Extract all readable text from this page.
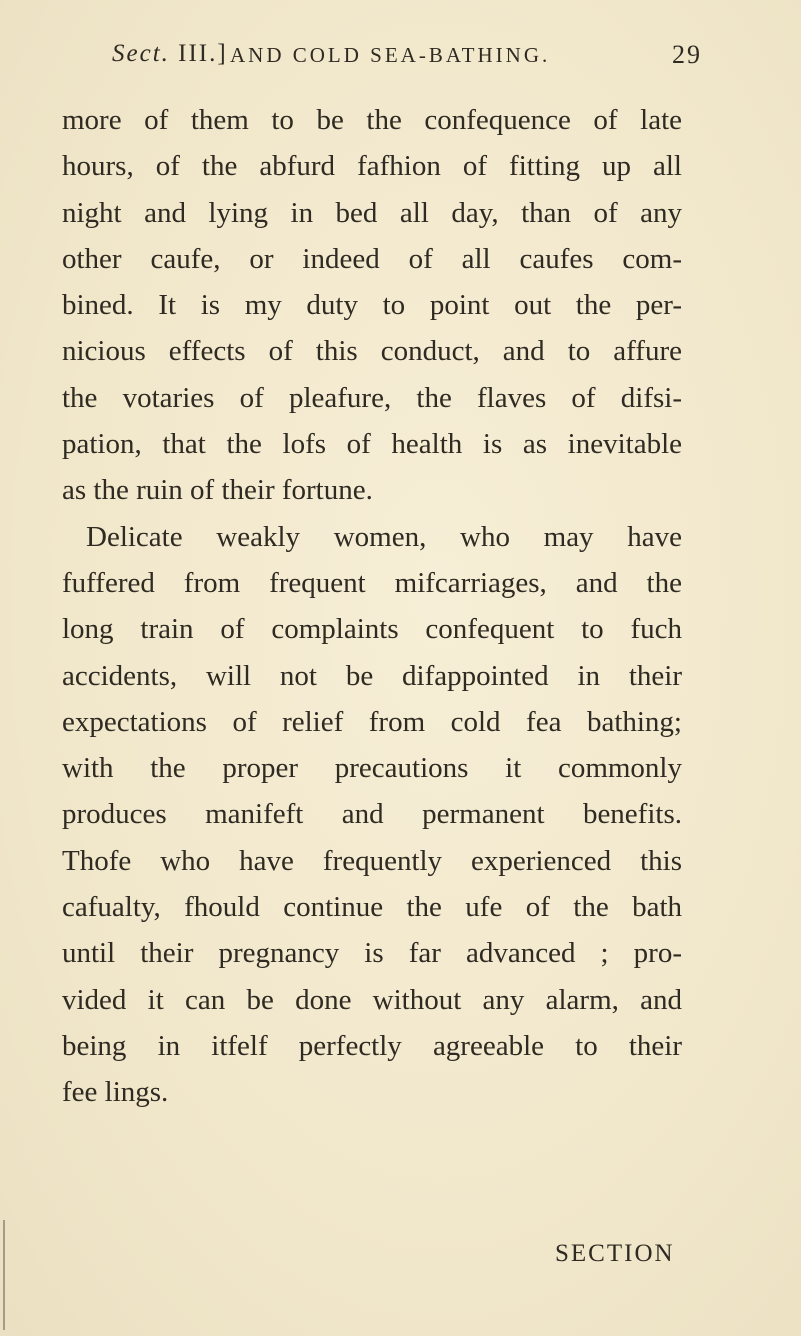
Sect. III.] AND COLD SEA-BATHING.	29
more of them to be the confequence of late
hours, of the abfurd fafhion of fitting up all
night and lying in bed all day, than of any
other caufe, or indeed of all caufes com-
bined. It is my duty to point out the per-
nicious effects of this conduct, and to affure
the votaries of pleafure, the flaves of difsi-
pation, that the lofs of health is as inevitable
as the ruin of their fortune.
Delicate weakly women, who may have
fuffered from frequent mifcarriages, and the
long train of complaints confequent to fuch
accidents, will not be difappointed in their
expectations of relief from cold fea bathing;
with the proper precautions it commonly
produces manifeft and permanent benefits.
Thofe who have frequently experienced this
cafualty, fhould continue the ufe of the bath
until their pregnancy is far advanced ; pro-
vided it can be done without any alarm, and
being in itfelf perfectly agreeable to their
fee lings.
SECTION
